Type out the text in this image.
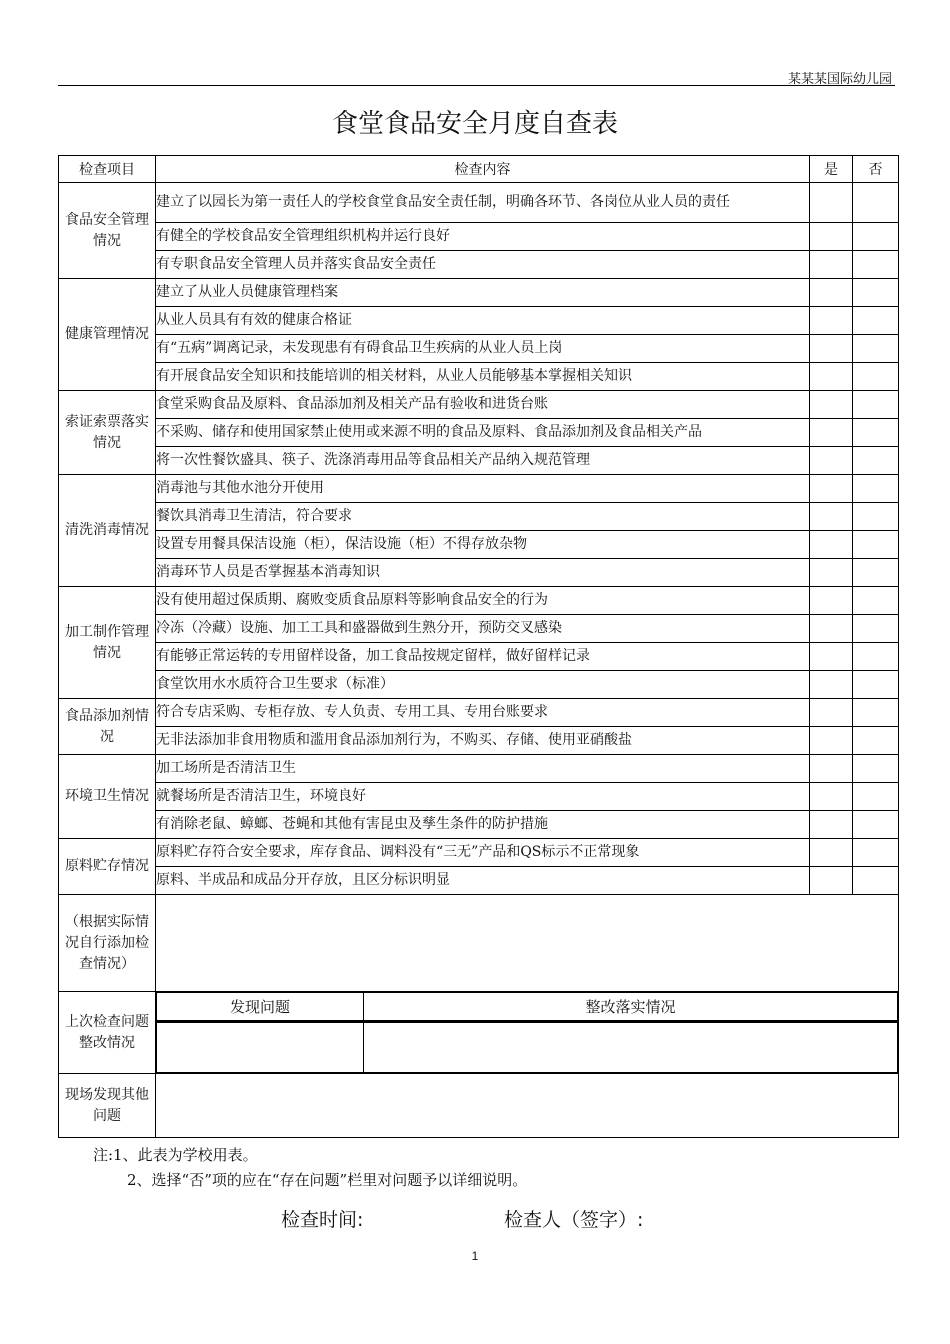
某某某国际幼儿园
食堂食品安全月度自查表
检查项目	检查内容	是	否
食品安全管理情况	建立了以园长为第一责任人的学校食堂食品安全责任制，明确各环节、各岗位从业人员的责任		
有健全的学校食品安全管理组织机构并运行良好		
有专职食品安全管理人员并落实食品安全责任		
健康管理情况	建立了从业人员健康管理档案		
从业人员具有有效的健康合格证		
有“五病”调离记录，未发现患有有碍食品卫生疾病的从业人员上岗		
有开展食品安全知识和技能培训的相关材料，从业人员能够基本掌握相关知识		
索证索票落实情况	食堂采购食品及原料、食品添加剂及相关产品有验收和进货台账		
不采购、储存和使用国家禁止使用或来源不明的食品及原料、食品添加剂及食品相关产品		
将一次性餐饮盛具、筷子、洗涤消毒用品等食品相关产品纳入规范管理		
清洗消毒情况	消毒池与其他水池分开使用		
餐饮具消毒卫生清洁，符合要求		
设置专用餐具保洁设施（柜），保洁设施（柜）不得存放杂物		
消毒环节人员是否掌握基本消毒知识		
加工制作管理情况	没有使用超过保质期、腐败变质食品原料等影响食品安全的行为		
冷冻（冷藏）设施、加工工具和盛器做到生熟分开，预防交叉感染		
有能够正常运转的专用留样设备，加工食品按规定留样，做好留样记录		
食堂饮用水水质符合卫生要求（标准）		
食品添加剂情况	符合专店采购、专柜存放、专人负责、专用工具、专用台账要求		
无非法添加非食用物质和滥用食品添加剂行为，不购买、存储、使用亚硝酸盐		
环境卫生情况	加工场所是否清洁卫生		
就餐场所是否清洁卫生，环境良好		
有消除老鼠、蟑螂、苍蝇和其他有害昆虫及孳生条件的防护措施		
原料贮存情况	原料贮存符合安全要求，库存食品、调料没有“三无”产品和QS标示不正常现象		
原料、半成品和成品分开存放，且区分标识明显		
（根据实际情况自行添加检查情况）	
上次检查问题整改情况	
发现问题	整改落实情况

现场发现其他问题	
注:1、此表为学校用表。
2、选择“否”项的应在“存在问题”栏里对问题予以详细说明。
检查时间:	检查人（签字）:
1
